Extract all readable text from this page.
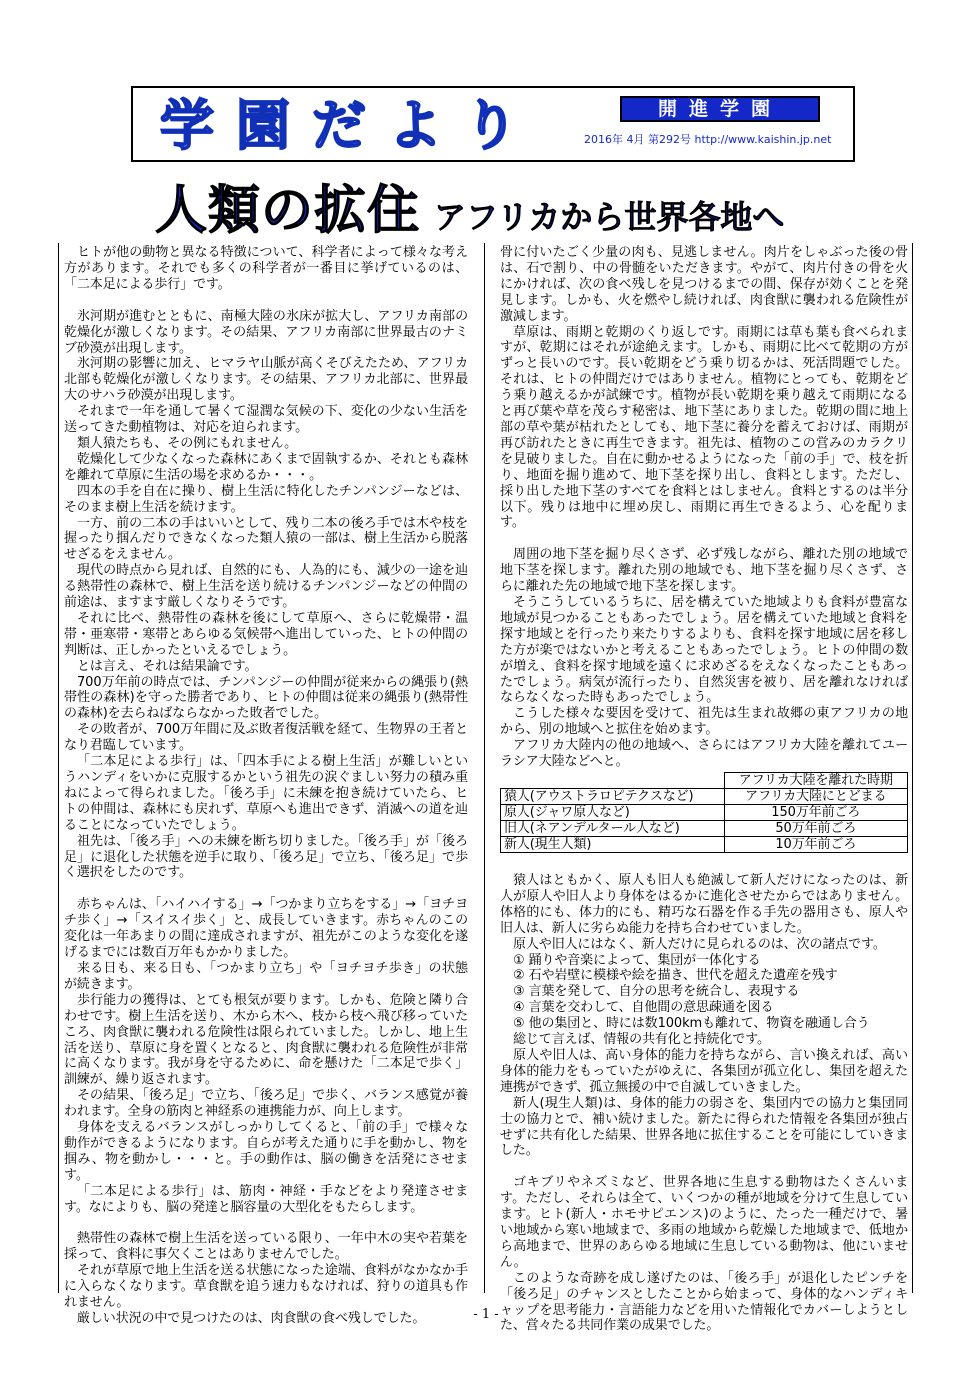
学園だより	開進学園
2016年 4月 第292号 http://www.kaishin.jp.net
人類の拡住 アフリカから世界各地へ

ヒトが他の動物と異なる特徴について、科学者によって様々な考え方があります。それでも多くの科学者が一番目に挙げているのは、「二本足による歩行」です。

氷河期が進むとともに、南極大陸の氷床が拡大し、アフリカ南部の乾燥化が激しくなります。その結果、アフリカ南部に世界最古のナミブ砂漠が出現します。

氷河期の影響に加え、ヒマラヤ山脈が高くそびえたため、アフリカ北部も乾燥化が激しくなります。その結果、アフリカ北部に、世界最大のサハラ砂漠が出現します。

それまで一年を通して暑くて湿潤な気候の下、変化の少ない生活を送ってきた動植物は、対応を迫られます。

類人猿たちも、その例にもれません。

乾燥化して少なくなった森林にあくまで固執するか、それとも森林を離れて草原に生活の場を求めるか・・・。

四本の手を自在に操り、樹上生活に特化したチンパンジーなどは、そのまま樹上生活を続けます。

一方、前の二本の手はいいとして、残り二本の後ろ手では木や枝を握ったり掴んだりできなくなった類人猿の一部は、樹上生活から脱落せざるをえません。

現代の時点から見れば、自然的にも、人為的にも、減少の一途を辿る熱帯性の森林で、樹上生活を送り続けるチンパンジーなどの仲間の前途は、ますます厳しくなりそうです。

それに比べ、熱帯性の森林を後にして草原へ、さらに乾燥帯・温帯・亜寒帯・寒帯とあらゆる気候帯へ進出していった、ヒトの仲間の判断は、正しかったといえるでしょう。

とは言え、それは結果論です。

700万年前の時点では、チンパンジーの仲間が従来からの縄張り(熱帯性の森林)を守った勝者であり、ヒトの仲間は従来の縄張り(熱帯性の森林)を去らねばならなかった敗者でした。

その敗者が、700万年間に及ぶ敗者復活戦を経て、生物界の王者となり君臨しています。

「二本足による歩行」は、「四本手による樹上生活」が難しいというハンディをいかに克服するかという祖先の涙ぐましい努力の積み重ねによって得られました。「後ろ手」に未練を抱き続けていたら、ヒトの仲間は、森林にも戻れず、草原へも進出できず、消滅への道を辿ることになっていたでしょう。

祖先は、「後ろ手」への未練を断ち切りました。「後ろ手」が「後ろ足」に退化した状態を逆手に取り、「後ろ足」で立ち、「後ろ足」で歩く選択をしたのです。

赤ちゃんは、「ハイハイする」→「つかまり立ちをする」→「ヨチヨチ歩く」→「スイスイ歩く」と、成長していきます。赤ちゃんのこの変化は一年あまりの間に達成されますが、祖先がこのような変化を遂げるまでには数百万年もかかりました。

来る日も、来る日も、「つかまり立ち」や「ヨチヨチ歩き」の状態が続きます。

歩行能力の獲得は、とても根気が要ります。しかも、危険と隣り合わせです。樹上生活を送り、木から木へ、枝から枝へ飛び移っていたころ、肉食獣に襲われる危険性は限られていました。しかし、地上生活を送り、草原に身を置くとなると、肉食獣に襲われる危険性が非常に高くなります。我が身を守るために、命を懸けた「二本足で歩く」訓練が、繰り返されます。

その結果、「後ろ足」で立ち、「後ろ足」で歩く、バランス感覚が養われます。全身の筋肉と神経系の連携能力が、向上します。

身体を支えるバランスがしっかりしてくると、「前の手」で様々な動作ができるようになります。自らが考えた通りに手を動かし、物を掴み、物を動かし・・・と。手の動作は、脳の働きを活発にさせます。

「二本足による歩行」は、筋肉・神経・手などをより発達させます。なによりも、脳の発達と脳容量の大型化をもたらします。

熱帯性の森林で樹上生活を送っている限り、一年中木の実や若葉を採って、食料に事欠くことはありませんでした。

それが草原で地上生活を送る状態になった途端、食料がなかなか手に入らなくなります。草食獣を追う速力もなければ、狩りの道具も作れません。

厳しい状況の中で見つけたのは、肉食獣の食べ残しでした。

骨に付いたごく少量の肉も、見逃しません。肉片をしゃぶった後の骨は、石で割り、中の骨髄をいただきます。やがて、肉片付きの骨を火にかければ、次の食べ残しを見つけるまでの間、保存が効くことを発見します。しかも、火を燃やし続ければ、肉食獣に襲われる危険性が激減します。

草原は、雨期と乾期のくり返しです。雨期には草も葉も食べられますが、乾期にはそれが途絶えます。しかも、雨期に比べて乾期の方がずっと長いのです。長い乾期をどう乗り切るかは、死活問題でした。それは、ヒトの仲間だけではありません。植物にとっても、乾期をどう乗り越えるかが試練です。植物が長い乾期を乗り越えて雨期になると再び葉や草を茂らす秘密は、地下茎にありました。乾期の間に地上部の草や葉が枯れたとしても、地下茎に養分を蓄えておけば、雨期が再び訪れたときに再生できます。祖先は、植物のこの営みのカラクリを見破りました。自在に動かせるようになった「前の手」で、枝を折り、地面を掘り進めて、地下茎を探り出し、食料とします。ただし、採り出した地下茎のすべてを食料とはしません。食料とするのは半分以下。残りは地中に埋め戻し、雨期に再生できるよう、心を配ります。

周囲の地下茎を掘り尽くさず、必ず残しながら、離れた別の地域で地下茎を探します。離れた別の地域でも、地下茎を掘り尽くさず、さらに離れた先の地域で地下茎を探します。

そうこうしているうちに、居を構えていた地域よりも食料が豊富な地域が見つかることもあったでしょう。居を構えていた地域と食料を探す地域とを行ったり来たりするよりも、食料を探す地域に居を移した方が楽ではないかと考えることもあったでしょう。ヒトの仲間の数が増え、食料を探す地域を遠くに求めざるをえなくなったこともあったでしょう。病気が流行ったり、自然災害を被り、居を離れなければならなくなった時もあったでしょう。

こうした様々な要因を受けて、祖先は生まれ故郷の東アフリカの地から、別の地域へと拡住を始めます。

アフリカ大陸内の他の地域へ、さらにはアフリカ大陸を離れてユーラシア大陸などへと。

	アフリカ大陸を離れた時期
猿人(アウストラロピテクスなど)	アフリカ大陸にとどまる
原人(ジャワ原人など)	150万年前ごろ
旧人(ネアンデルタール人など)	50万年前ごろ
新人(現生人類)	10万年前ごろ

猿人はともかく、原人も旧人も絶滅して新人だけになったのは、新人が原人や旧人より身体をはるかに進化させたからではありません。体格的にも、体力的にも、精巧な石器を作る手先の器用さも、原人や旧人は、新人に劣らぬ能力を持ち合わせていました。

原人や旧人にはなく、新人だけに見られるのは、次の諸点です。

① 踊りや音楽によって、集団が一体化する

② 石や岩壁に模様や絵を描き、世代を超えた遺産を残す

③ 言葉を発して、自分の思考を統合し、表現する

④ 言葉を交わして、自他間の意思疎通を図る

⑤ 他の集団と、時には数100kmも離れて、物資を融通し合う

総じて言えば、情報の共有化と持続化です。

原人や旧人は、高い身体的能力を持ちながら、言い換えれば、高い身体的能力をもっていたがゆえに、各集団が孤立化し、集団を超えた連携ができず、孤立無援の中で自滅していきました。

新人(現生人類)は、身体的能力の弱さを、集団内での協力と集団同士の協力とで、補い続けました。新たに得られた情報を各集団が独占せずに共有化した結果、世界各地に拡住することを可能にしていきました。

ゴキブリやネズミなど、世界各地に生息する動物はたくさんいます。ただし、それらは全て、いくつかの種が地域を分けて生息しています。ヒト(新人・ホモサピエンス)のように、たった一種だけで、暑い地域から寒い地域まで、多雨の地域から乾燥した地域まで、低地から高地まで、世界のあらゆる地域に生息している動物は、他にいません。

このような奇跡を成し遂げたのは、「後ろ手」が退化したピンチを「後ろ足」のチャンスとしたことから始まって、身体的なハンディキャップを思考能力・言語能力などを用いた情報化でカバーしようとした、営々たる共同作業の成果でした。

- 1 -
